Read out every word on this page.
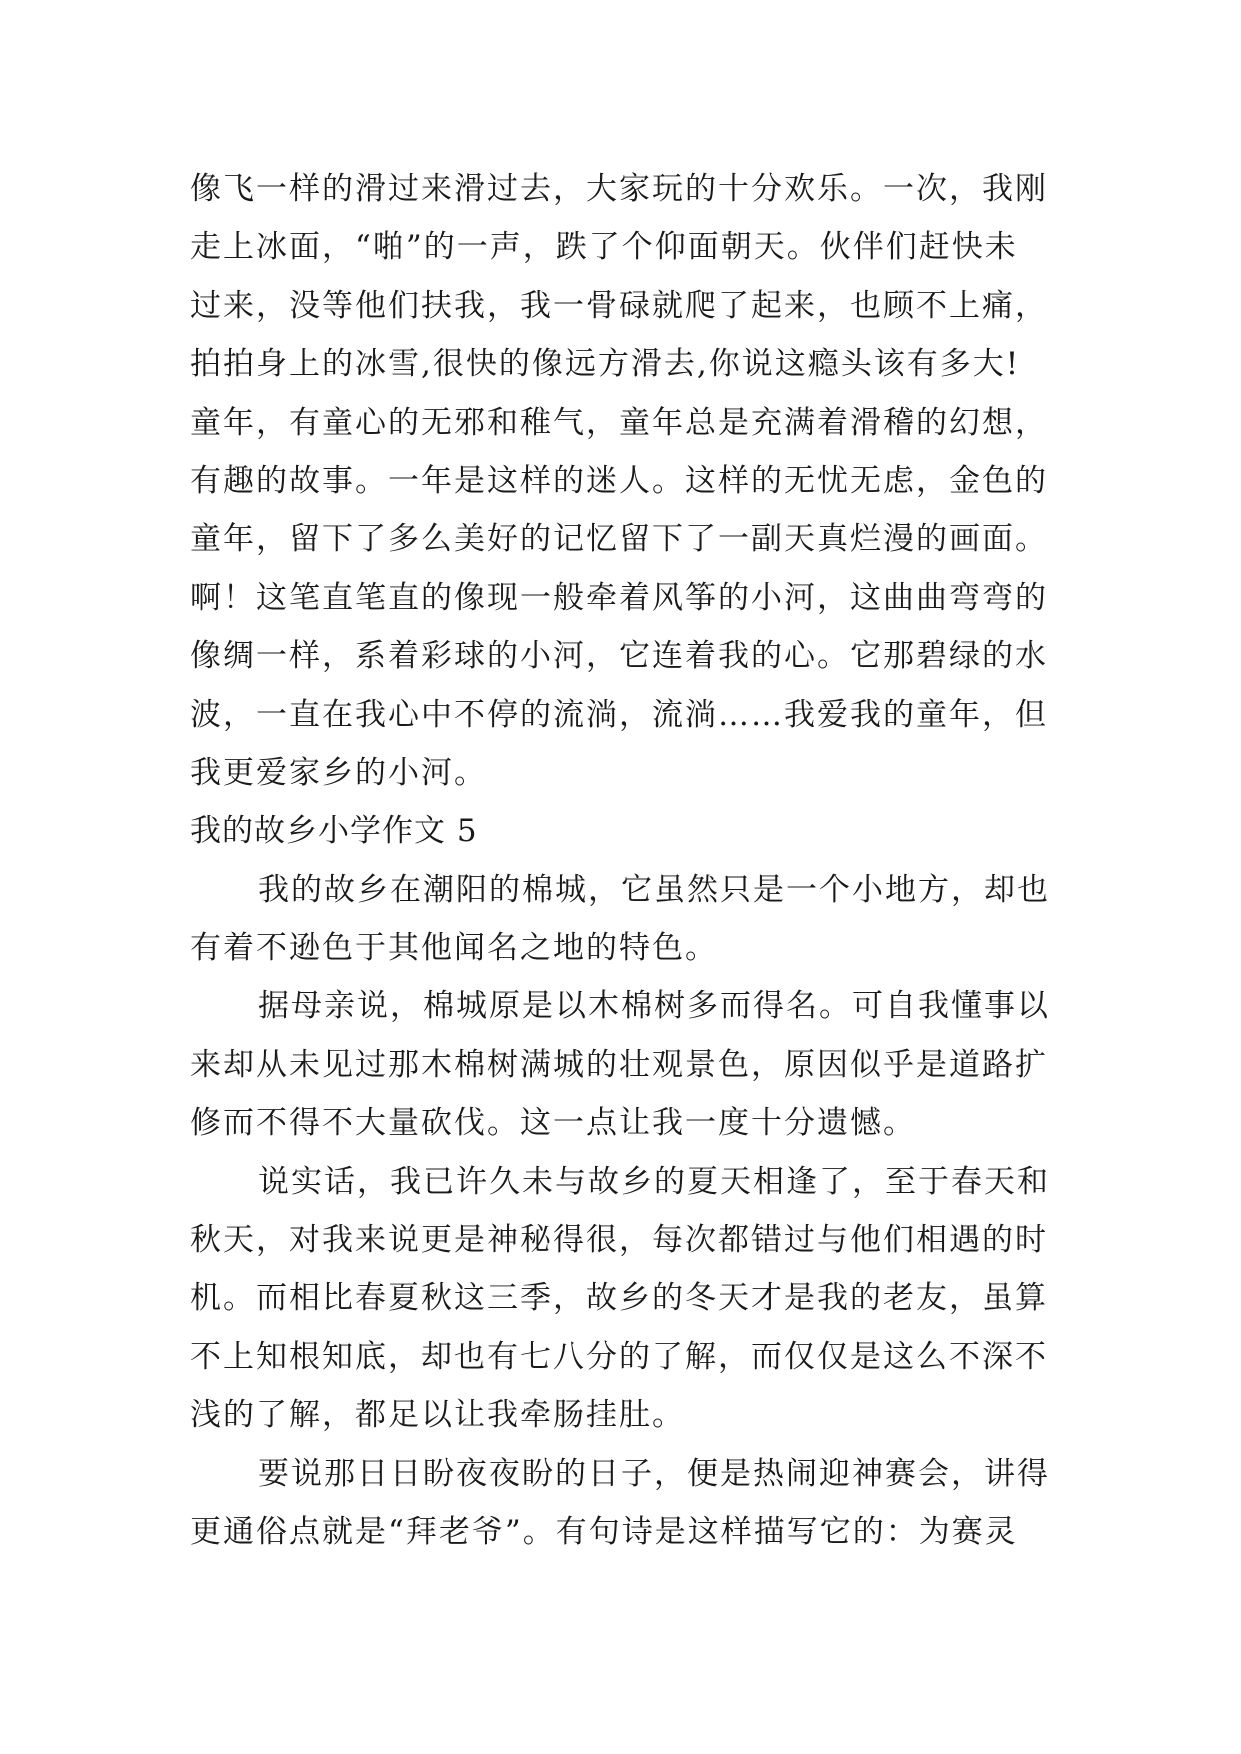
像飞一样的滑过来滑过去，大家玩的十分欢乐。一次，我刚
走上冰面，“啪”的一声，跌了个仰面朝天。伙伴们赶快未
过来，没等他们扶我，我一骨碌就爬了起来，也顾不上痛，
拍拍身上的冰雪,很快的像远方滑去,你说这瘾头该有多大!
童年，有童心的无邪和稚气，童年总是充满着滑稽的幻想，
有趣的故事。一年是这样的迷人。这样的无忧无虑，金色的
童年，留下了多么美好的记忆留下了一副天真烂漫的画面。
啊！这笔直笔直的像现一般牵着风筝的小河，这曲曲弯弯的
像绸一样，系着彩球的小河，它连着我的心。它那碧绿的水
波，一直在我心中不停的流淌，流淌……我爱我的童年，但
我更爱家乡的小河。
我的故乡小学作文 5
我的故乡在潮阳的棉城，它虽然只是一个小地方，却也
有着不逊色于其他闻名之地的特色。
据母亲说，棉城原是以木棉树多而得名。可自我懂事以
来却从未见过那木棉树满城的壮观景色，原因似乎是道路扩
修而不得不大量砍伐。这一点让我一度十分遗憾。
说实话，我已许久未与故乡的夏天相逢了，至于春天和
秋天，对我来说更是神秘得很，每次都错过与他们相遇的时
机。而相比春夏秋这三季，故乡的冬天才是我的老友，虽算
不上知根知底，却也有七八分的了解，而仅仅是这么不深不
浅的了解，都足以让我牵肠挂肚。
要说那日日盼夜夜盼的日子，便是热闹迎神赛会，讲得
更通俗点就是“拜老爷”。有句诗是这样描写它的：为赛灵
